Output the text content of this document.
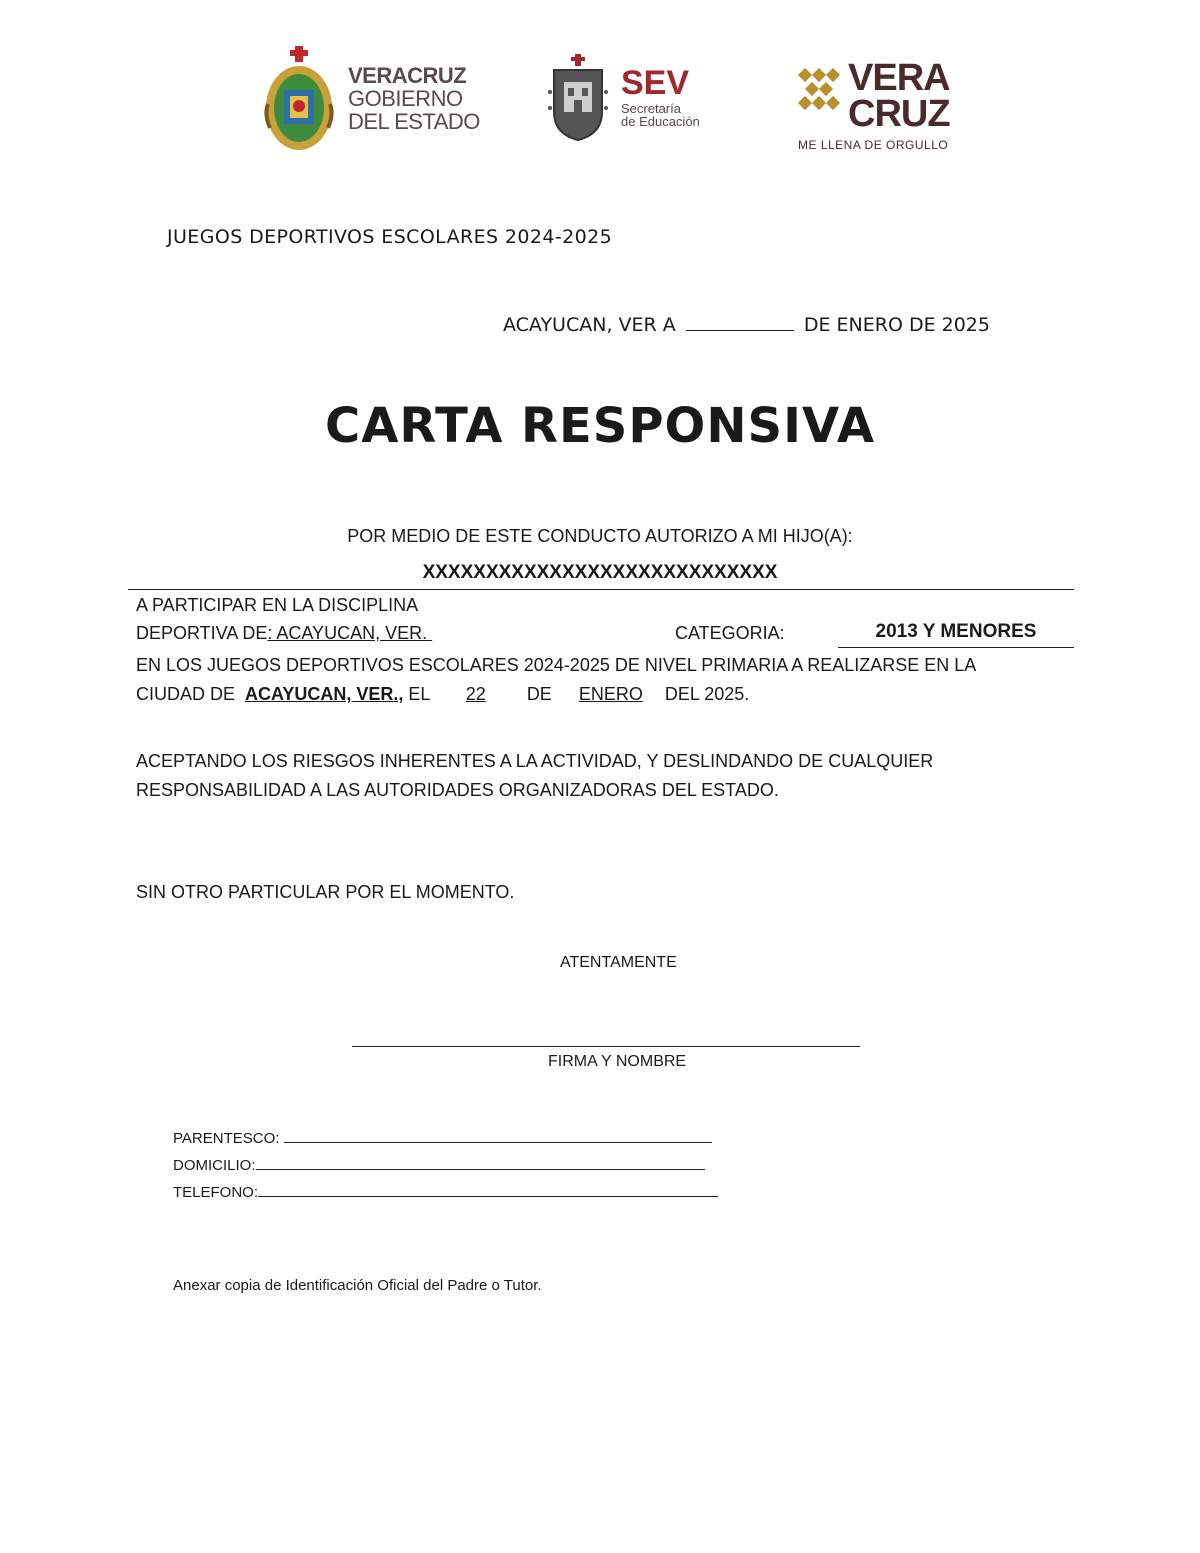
VERACRUZ
GOBIERNO
DEL ESTADO
SEV
Secretaría
de Educación
VERA
CRUZ
ME LLENA DE ORGULLO
JUEGOS DEPORTIVOS ESCOLARES 2024-2025
ACAYUCAN, VER A	DE ENERO DE 2025
CARTA RESPONSIVA
POR MEDIO DE ESTE CONDUCTO AUTORIZO A MI HIJO(A):
XXXXXXXXXXXXXXXXXXXXXXXXXXXX
A PARTICIPAR EN LA DISCIPLINA
DEPORTIVA DE: ACAYUCAN, VER.	CATEGORIA:	2013 Y MENORES
EN LOS JUEGOS DEPORTIVOS ESCOLARES 2024-2025 DE NIVEL PRIMARIA A REALIZARSE EN LA
CIUDAD DE ACAYUCAN, VER., EL 22 DE ENERO DEL 2025.
ACEPTANDO LOS RIESGOS INHERENTES A LA ACTIVIDAD, Y DESLINDANDO DE CUALQUIER
RESPONSABILIDAD A LAS AUTORIDADES ORGANIZADORAS DEL ESTADO.
SIN OTRO PARTICULAR POR EL MOMENTO.
ATENTAMENTE
FIRMA Y NOMBRE
PARENTESCO:
DOMICILIO:
TELEFONO:
Anexar copia de Identificación Oficial del Padre o Tutor.
